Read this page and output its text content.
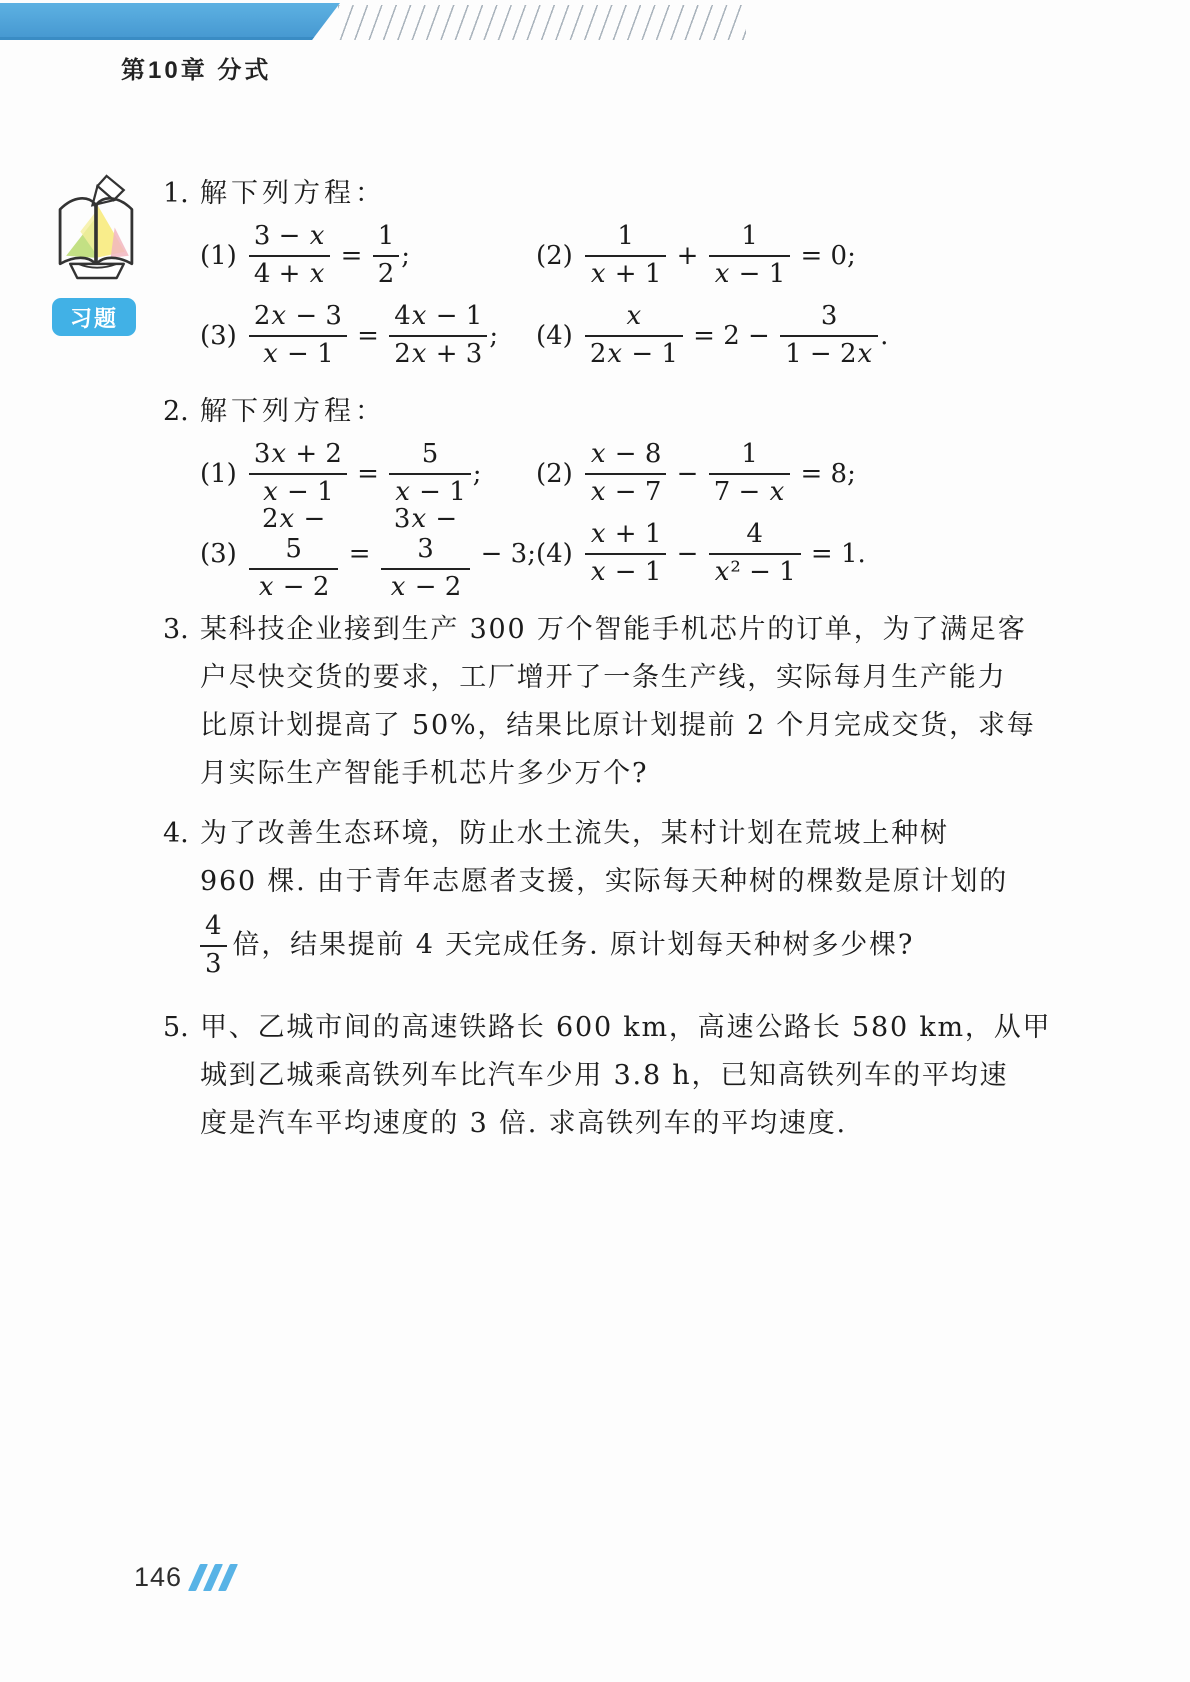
第10章 分式
习题
1. 解下列方程：
$(1) \frac{3 - x}{4 + x} = \frac{1}{2}$ ;	$(2) \frac{1}{x + 1} + \frac{1}{x - 1} = 0$;
$(3) \frac{2x - 3}{x - 1} = \frac{4x - 1}{2x + 3}$ ; $(4) \frac{x}{2x - 1} = 2 - \frac{3}{1 - 2x}$ .
2. 解下列方程：
$(1) \frac{3x + 2}{x - 1} = \frac{5}{x - 1}$ ; $(2) \frac{x - 8}{x - 7} - \frac{1}{7 - x} = 8$;
$(3) \frac{2x - 5}{x - 2} = \frac{3x - 3}{x - 2} - 3$; $(4) \frac{x + 1}{x - 1} - \frac{4}{\text{x² − 1}} = 1$.
3. 某科技企业接到生产 300 万个智能手机芯片的订单，为了满足客
户尽快交货的要求，工厂增开了一条生产线，实际每月生产能力
比原计划提高了 50%，结果比原计划提前 2 个月完成交货，求每
月实际生产智能手机芯片多少万个?
4. 为了改善生态环境，防止水土流失，某村计划在荒坡上种树
960 棵. 由于青年志愿者支援，实际每天种树的棵数是原计划的
$\frac{4}{3}$ 倍，结果提前 4 天完成任务. 原计划每天种树多少棵?
5. 甲、乙城市间的高速铁路长 600 km，高速公路长 580 km，从甲
城到乙城乘高铁列车比汽车少用 3.8 h，已知高铁列车的平均速
度是汽车平均速度的 3 倍. 求高铁列车的平均速度.
146
